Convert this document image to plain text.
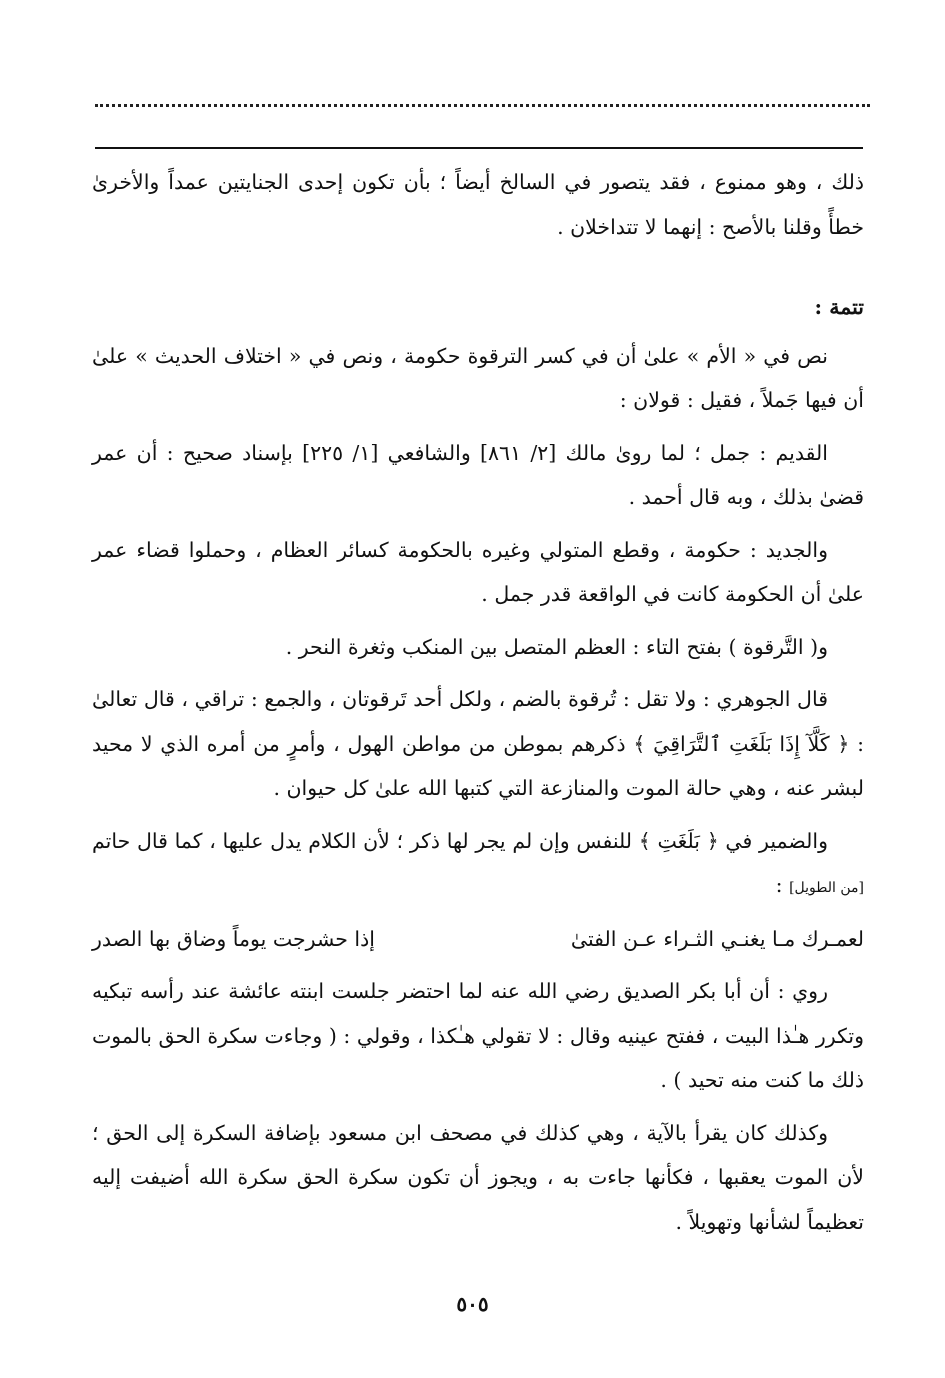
ذلك ، وهو ممنوع ، فقد يتصور في السالخ أيضاً ؛ بأن تكون إحدى الجنايتين عمداً والأخرىٰ خطأً وقلنا بالأصح : إنهما لا تتداخلان .

تتمة :

نص في « الأم » علىٰ أن في كسر الترقوة حكومة ، ونص في « اختلاف الحديث » علىٰ أن فيها جَملاً ، فقيل : قولان :

القديم : جمل ؛ لما روىٰ مالك [٢/ ٨٦١] والشافعي [١/ ٢٢٥] بإسناد صحيح : أن عمر قضىٰ بذلك ، وبه قال أحمد .

والجديد : حكومة ، وقطع المتولي وغيره بالحكومة كسائر العظام ، وحملوا قضاء عمر علىٰ أن الحكومة كانت في الواقعة قدر جمل .

و( التَّرقوة ) بفتح التاء : العظم المتصل بين المنكب وثغرة النحر .

قال الجوهري : ولا تقل : تُرقوة بالضم ، ولكل أحد تَرقوتان ، والجمع : تراقي ، قال تعالىٰ : ﴿ كَلَّآ إِذَا بَلَغَتِ ٱلتَّرَاقِيَ ﴾ ذكرهم بموطن من مواطن الهول ، وأمرٍ من أمره الذي لا محيد لبشر عنه ، وهي حالة الموت والمنازعة التي كتبها الله علىٰ كل حيوان .

والضمير في ﴿ بَلَغَتِ ﴾ للنفس وإن لم يجر لها ذكر ؛ لأن الكلام يدل عليها ، كما قال حاتم [من الطويل] :

لعمـرك مـا يغنـي الثـراء عـن الفتىٰ
إذا حشرجت يوماً وضاق بها الصدر

روي : أن أبا بكر الصديق رضي الله عنه لما احتضر جلست ابنته عائشة عند رأسه تبكيه وتكرر هـٰذا البيت ، ففتح عينيه وقال : لا تقولي هـٰكذا ، وقولي : ( وجاءت سكرة الحق بالموت ذلك ما كنت منه تحيد ) .

وكذلك كان يقرأ بالآية ، وهي كذلك في مصحف ابن مسعود بإضافة السكرة إلى الحق ؛ لأن الموت يعقبها ، فكأنها جاءت به ، ويجوز أن تكون سكرة الحق سكرة الله أضيفت إليه تعظيماً لشأنها وتهويلاً .

٥٠٥
